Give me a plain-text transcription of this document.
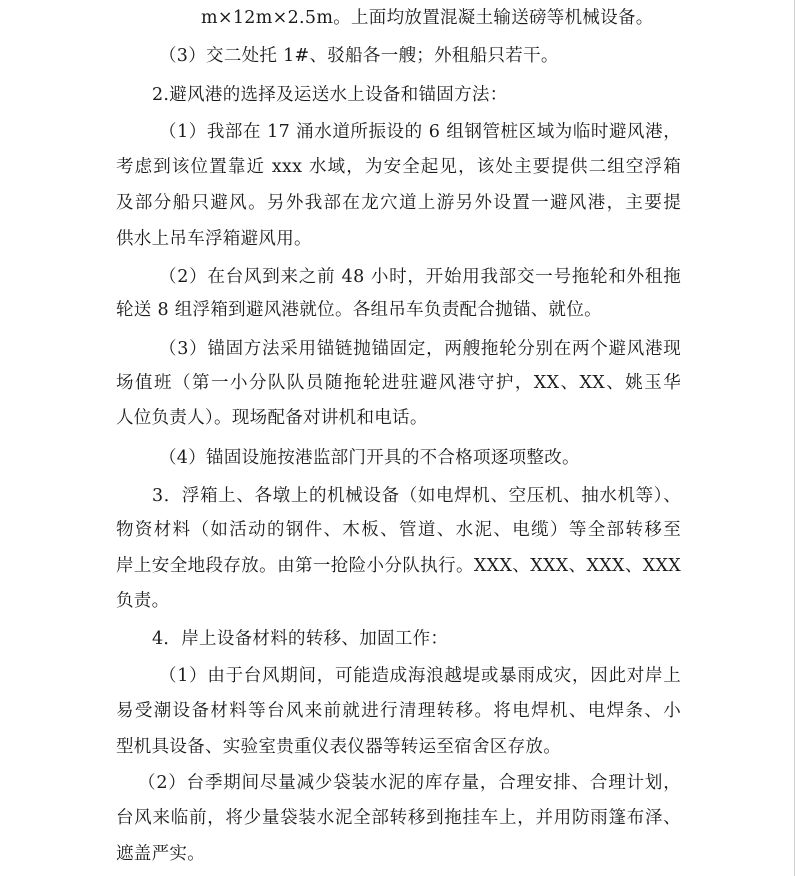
m×12m×2.5m。上面均放置混凝土输送磅等机械设备。
（3）交二处托 1#、驳船各一艘；外租船只若干。
2.避风港的选择及运送水上设备和锚固方法：
（1）我部在 17 涌水道所振设的 6 组钢管桩区域为临时避风港，
考虑到该位置靠近 xxx 水域，为安全起见，该处主要提供二组空浮箱
及部分船只避风。另外我部在龙穴道上游另外设置一避风港，主要提
供水上吊车浮箱避风用。
（2）在台风到来之前 48 小时，开始用我部交一号拖轮和外租拖
轮送 8 组浮箱到避风港就位。各组吊车负责配合抛锚、就位。
（3）锚固方法采用锚链抛锚固定，两艘拖轮分别在两个避风港现
场值班（第一小分队队员随拖轮进驻避风港守护，XX、XX、姚玉华
人位负责人）。现场配备对讲机和电话。
（4）锚固设施按港监部门开具的不合格项逐项整改。
3．浮箱上、各墩上的机械设备（如电焊机、空压机、抽水机等）、
物资材料（如活动的钢件、木板、管道、水泥、电缆）等全部转移至
岸上安全地段存放。由第一抢险小分队执行。XXX、XXX、XXX、XXX
负责。
4．岸上设备材料的转移、加固工作：
（1）由于台风期间，可能造成海浪越堤或暴雨成灾，因此对岸上
易受潮设备材料等台风来前就进行清理转移。将电焊机、电焊条、小
型机具设备、实验室贵重仪表仪器等转运至宿舍区存放。
（2）台季期间尽量减少袋装水泥的库存量，合理安排、合理计划，
台风来临前，将少量袋装水泥全部转移到拖挂车上，并用防雨篷布泽、
遮盖严实。
